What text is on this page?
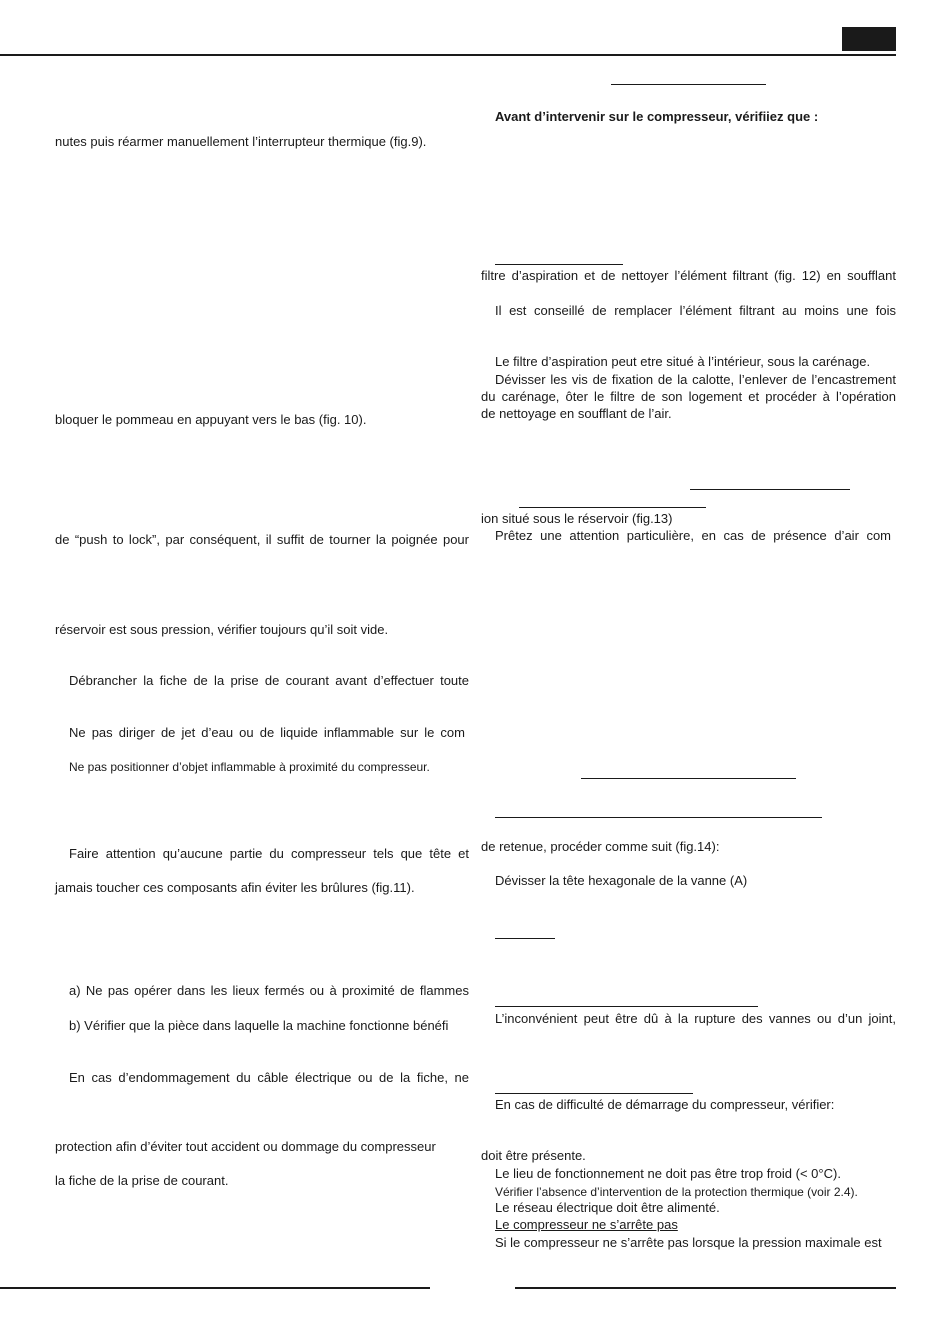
nutes puis réarmer manuellement l’interrupteur thermique (fig.9).
bloquer le pommeau en appuyant vers le bas (fig. 10).
de “push to lock”, par conséquent, il suffit de tourner la poignée pour
réservoir est sous pression, vérifier toujours qu’il soit vide.
Débrancher la fiche de la prise de courant avant d’effectuer toute
Ne pas diriger de jet d’eau ou de liquide inflammable sur le com
Ne pas positionner d’objet inflammable à proximité du compresseur.
Faire attention qu’aucune partie du compresseur tels que tête et
jamais toucher ces composants afin éviter les brûlures (fig.11).
a) Ne pas opérer dans les lieux fermés ou à proximité de flammes
b) Vérifier que la pièce dans laquelle la machine fonctionne bénéfi
En cas d’endommagement du câble électrique ou de la fiche, ne
protection afin d’éviter tout accident ou dommage du compresseur
la fiche de la prise de courant.
Avant d’intervenir sur le compresseur, vérifiiez que :
filtre d’aspiration et de nettoyer l’élément filtrant (fig. 12) en soufflant
Il est conseillé de remplacer l’élément filtrant au moins une fois
Le filtre d’aspiration peut etre situé à l’intérieur, sous la carénage.
Dévisser les vis de fixation de la calotte, l’enlever de l’encastrement
du carénage, ôter le filtre de son logement et procéder à l’opération
de nettoyage en soufflant de l’air.
ion situé sous le réservoir (fig.13)
Prêtez une attention particulière, en cas de présence d’air com
de retenue, procéder comme suit (fig.14):
Dévisser la tête hexagonale de la vanne (A)
L’inconvénient peut être dû à la rupture des vannes ou d’un joint,
En cas de difficulté de démarrage du compresseur, vérifier:
doit être présente.
Le lieu de fonctionnement ne doit pas être trop froid (< 0°C).
Vérifier l’absence d’intervention de la protection thermique (voir 2.4).
Le réseau électrique doit être alimenté.
Le compresseur ne s’arrête pas
Si le compresseur ne s’arrête pas lorsque la pression maximale est
